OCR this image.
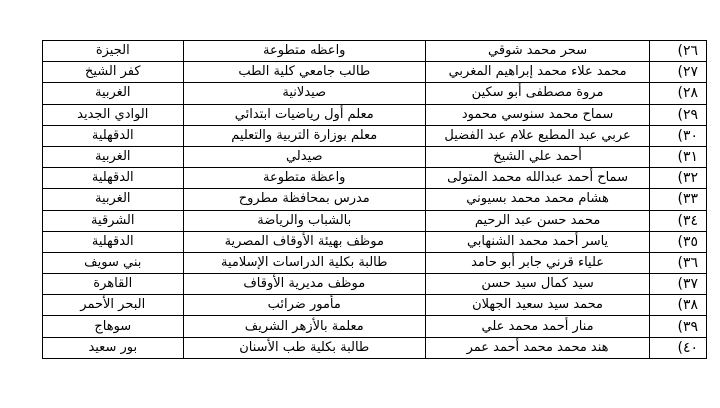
٢٦)	سحر محمد شوقي	واعظه متطوعة	الجيزة
٢٧)	محمد علاء محمد إبراهيم المغربي	طالب جامعي كلية الطب	كفر الشيخ
٢٨)	مروة مصطفى أبو سكين	صيدلانية	الغربية
٢٩)	سماح محمد سنوسي محمود	معلم أول رياضيات ابتدائي	الوادي الجديد
٣٠)	عربي عبد المطيع علام عبد الفضيل	معلم بوزارة التربية والتعليم	الدقهلية
٣١)	أحمد علي الشيخ	صيدلي	الغربية
٣٢)	سماح أحمد عبدالله محمد المتولى	واعظة متطوعة	الدقهلية
٣٣)	هشام محمد محمد بسيوني	مدرس بمحافظة مطروح	الغربية
٣٤)	محمد حسن عبد الرحيم	بالشباب والرياضة	الشرقية
٣٥)	ياسر أحمد محمد الشنهابي	موظف بهيئة الأوقاف المصرية	الدقهلية
٣٦)	علياء قرني جابر أبو حامد	طالبة بكلية الدراسات الإسلامية	بني سويف
٣٧)	سيد كمال سيد حسن	موظف مديرية الأوقاف	القاهرة
٣٨)	محمد سيد سعيد الجهلان	مأمور ضرائب	البحر الأحمر
٣٩)	منار أحمد محمد علي	معلمة بالأزهر الشريف	سوهاج
٤٠)	هند محمد محمد أحمد عمر	طالبة بكلية طب الأسنان	بور سعيد
